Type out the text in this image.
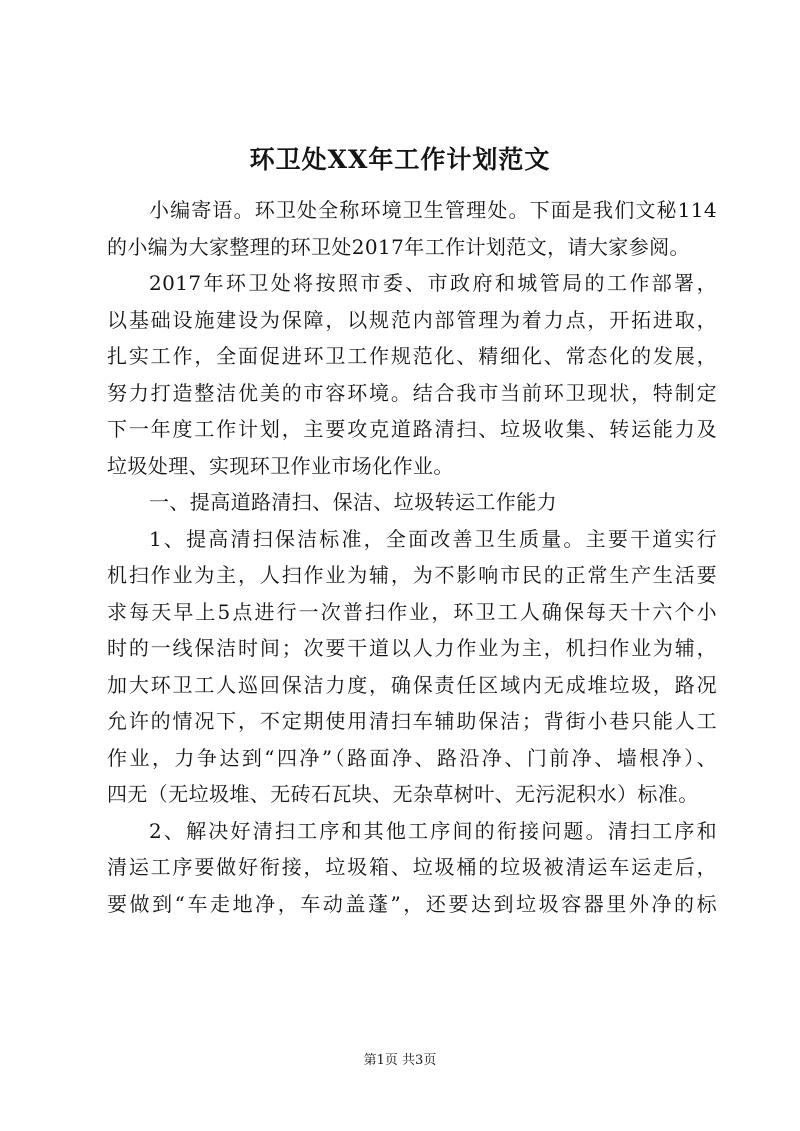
环卫处XX年工作计划范文
小编寄语。环卫处全称环境卫生管理处。下面是我们文秘114
的小编为大家整理的环卫处2017年工作计划范文，请大家参阅。
2017年环卫处将按照市委、市政府和城管局的工作部署，
以基础设施建设为保障，以规范内部管理为着力点，开拓进取，
扎实工作，全面促进环卫工作规范化、精细化、常态化的发展，
努力打造整洁优美的市容环境。结合我市当前环卫现状，特制定
下一年度工作计划，主要攻克道路清扫、垃圾收集、转运能力及
垃圾处理、实现环卫作业市场化作业。
一、提高道路清扫、保洁、垃圾转运工作能力
1、提高清扫保洁标准，全面改善卫生质量。主要干道实行
机扫作业为主，人扫作业为辅，为不影响市民的正常生产生活要
求每天早上5点进行一次普扫作业，环卫工人确保每天十六个小
时的一线保洁时间；次要干道以人力作业为主，机扫作业为辅，
加大环卫工人巡回保洁力度，确保责任区域内无成堆垃圾，路况
允许的情况下，不定期使用清扫车辅助保洁；背街小巷只能人工
作业，力争达到“四净”（路面净、路沿净、门前净、墙根净）、
四无（无垃圾堆、无砖石瓦块、无杂草树叶、无污泥积水）标准。
2、解决好清扫工序和其他工序间的衔接问题。清扫工序和
清运工序要做好衔接，垃圾箱、垃圾桶的垃圾被清运车运走后，
要做到“车走地净，车动盖蓬”，还要达到垃圾容器里外净的标
第1页 共3页
